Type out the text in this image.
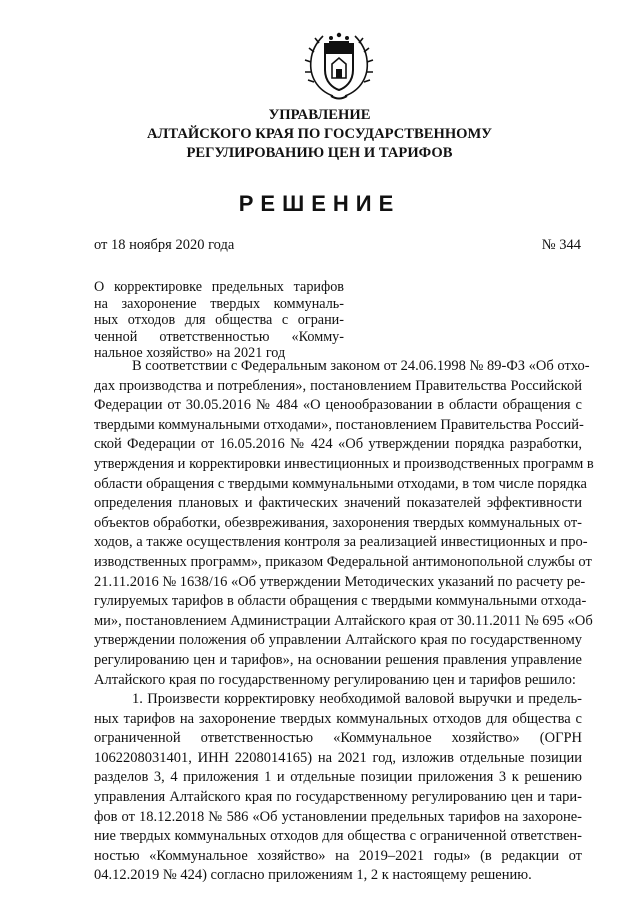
УПРАВЛЕНИЕ
АЛТАЙСКОГО КРАЯ ПО ГОСУДАРСТВЕННОМУ
РЕГУЛИРОВАНИЮ ЦЕН И ТАРИФОВ
РЕШЕНИЕ
от 18 ноября 2020 года	№ 344
О корректировке предельных тарифов
на захоронение твердых коммуналь-
ных отходов для общества с ограни-
ченной ответственностью «Комму-
нальное хозяйство» на 2021 год
В соответствии с Федеральным законом от 24.06.1998 № 89-ФЗ «Об отхо-
дах производства и потребления», постановлением Правительства Российской
Федерации от 30.05.2016 № 484 «О ценообразовании в области обращения с
твердыми коммунальными отходами», постановлением Правительства Россий-
ской Федерации от 16.05.2016 № 424 «Об утверждении порядка разработки,
утверждения и корректировки инвестиционных и производственных программ в
области обращения с твердыми коммунальными отходами, в том числе порядка
определения плановых и фактических значений показателей эффективности
объектов обработки, обезвреживания, захоронения твердых коммунальных от-
ходов, а также осуществления контроля за реализацией инвестиционных и про-
изводственных программ», приказом Федеральной антимонопольной службы от
21.11.2016 № 1638/16 «Об утверждении Методических указаний по расчету ре-
гулируемых тарифов в области обращения с твердыми коммунальными отхода-
ми», постановлением Администрации Алтайского края от 30.11.2011 № 695 «Об
утверждении положения об управлении Алтайского края по государственному
регулированию цен и тарифов», на основании решения правления управление
Алтайского края по государственному регулированию цен и тарифов решило:
1. Произвести корректировку необходимой валовой выручки и предель-
ных тарифов на захоронение твердых коммунальных отходов для общества с
ограниченной ответственностью «Коммунальное хозяйство» (ОГРН
1062208031401, ИНН 2208014165) на 2021 год, изложив отдельные позиции
разделов 3, 4 приложения 1 и отдельные позиции приложения 3 к решению
управления Алтайского края по государственному регулированию цен и тари-
фов от 18.12.2018 № 586 «Об установлении предельных тарифов на захороне-
ние твердых коммунальных отходов для общества с ограниченной ответствен-
ностью «Коммунальное хозяйство» на 2019–2021 годы» (в редакции от
04.12.2019 № 424) согласно приложениям 1, 2 к настоящему решению.
